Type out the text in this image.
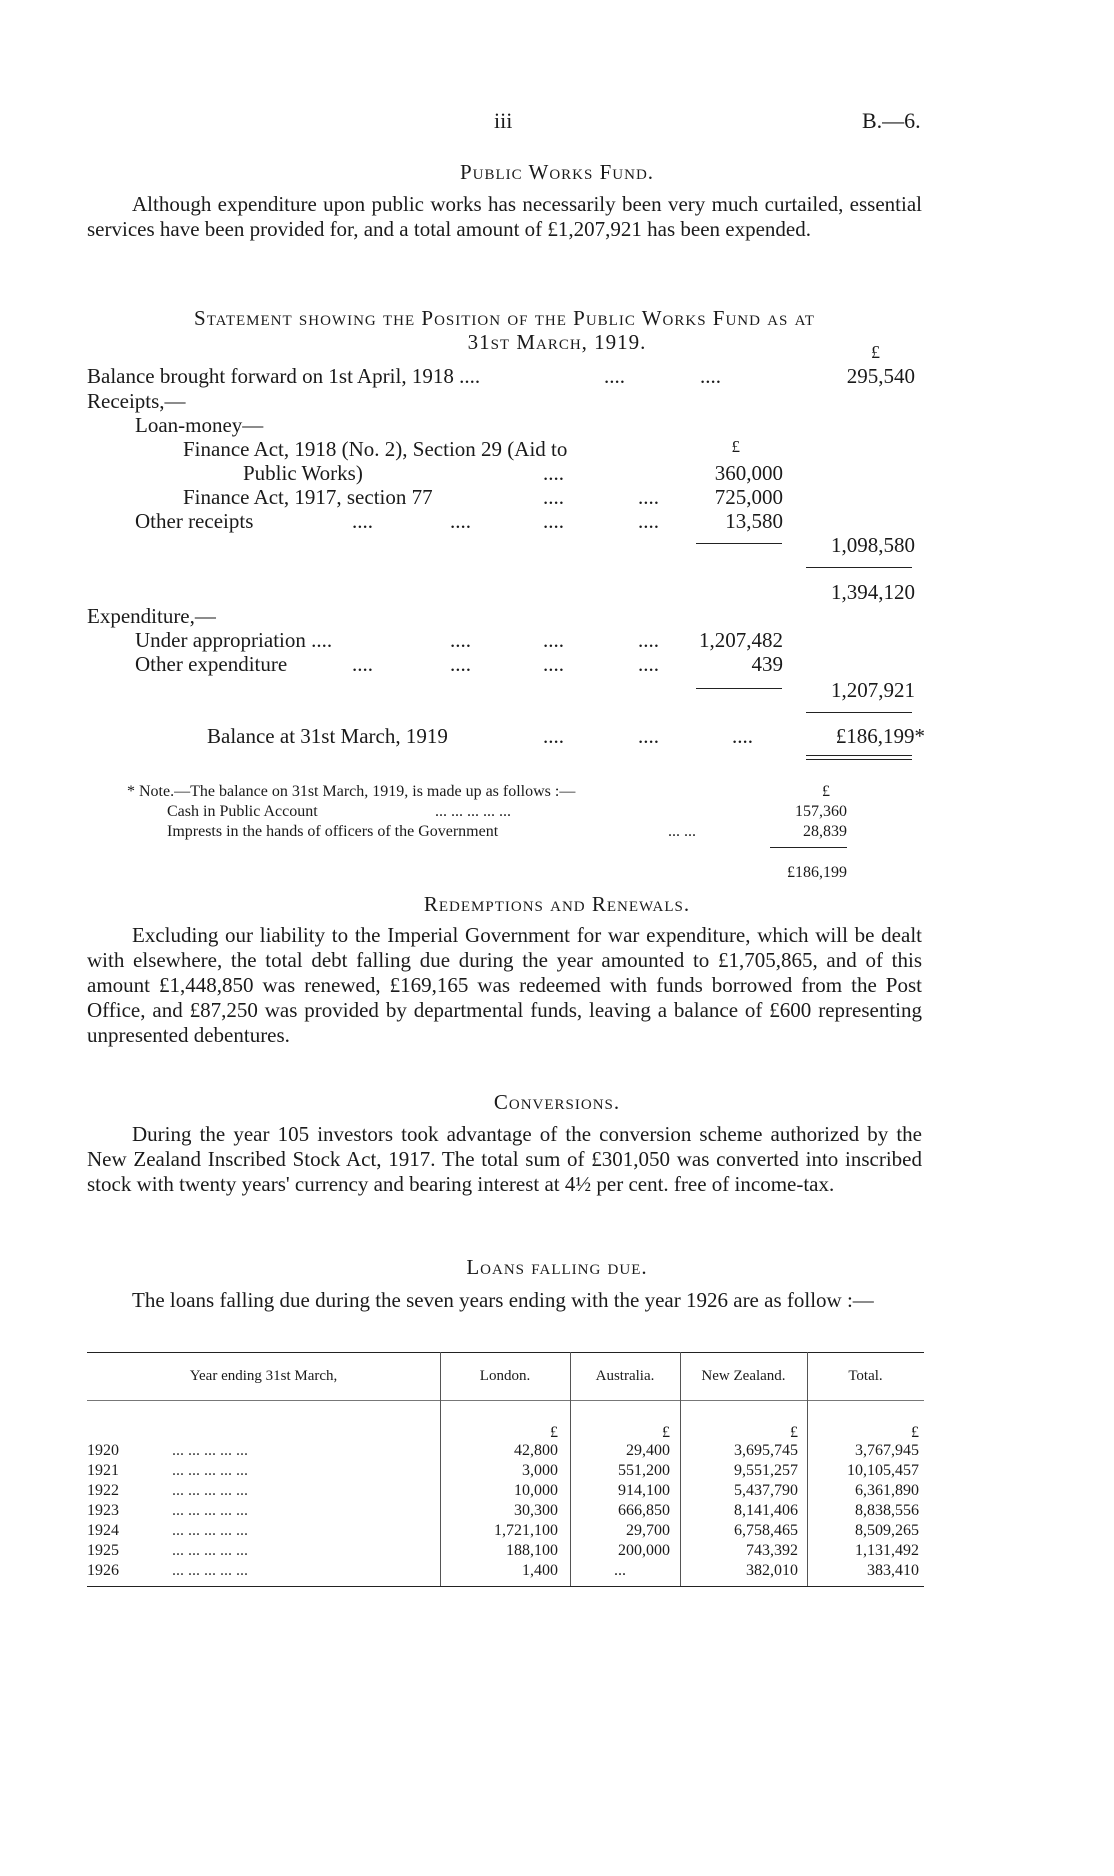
iii	B.—6.
Public Works Fund.
Although expenditure upon public works has necessarily been very much curtailed, essential services have been provided for, and a total amount of £1,207,921 has been expended.
Statement showing the Position of the Public Works Fund as at
31st March, 1919.	£
Balance brought forward on 1st April, 1918 ....	....	....	295,540
Receipts,—
Loan-money—
Finance Act, 1918 (No. 2), Section 29 (Aid to	£
Public Works)	....	360,000
Finance Act, 1917, section 77	....	....	725,000
Other receipts	....	....	....	....	13,580
1,098,580
1,394,120
Expenditure,—
Under appropriation ....	....	....	....	1,207,482
Other expenditure	....	....	....	....	439
1,207,921
Balance at 31st March, 1919	....	....	....	£186,199*
* Note.—The balance on 31st March, 1919, is made up as follows :—	£
Cash in Public Account	... ... ... ... ...	157,360
Imprests in the hands of officers of the Government	... ...	28,839
£186,199
Redemptions and Renewals.
Excluding our liability to the Imperial Government for war expenditure, which will be dealt with elsewhere, the total debt falling due during the year amounted to £1,705,865, and of this amount £1,448,850 was renewed, £169,165 was redeemed with funds borrowed from the Post Office, and £87,250 was provided by departmental funds, leaving a balance of £600 representing unpresented debentures.
Conversions.
During the year 105 investors took advantage of the conversion scheme authorized by the New Zealand Inscribed Stock Act, 1917. The total sum of £301,050 was converted into inscribed stock with twenty years' currency and bearing interest at 4½ per cent. free of income-tax.
Loans falling due.
The loans falling due during the seven years ending with the year 1926 are as follow :—
Year ending 31st March,	London.	Australia.	New Zealand.	Total.
£	£	£	£
1920	42,800	29,400	3,695,745	3,767,945
... ... ... ... ...
1921	3,000	551,200	9,551,257	10,105,457
... ... ... ... ...
1922	10,000	914,100	5,437,790	6,361,890
... ... ... ... ...
1923	30,300	666,850	8,141,406	8,838,556
... ... ... ... ...
1924	1,721,100	29,700	6,758,465	8,509,265
... ... ... ... ...
1925	188,100	200,000	743,392	1,131,492
... ... ... ... ...
1926	1,400	...	382,010	383,410
... ... ... ... ...
